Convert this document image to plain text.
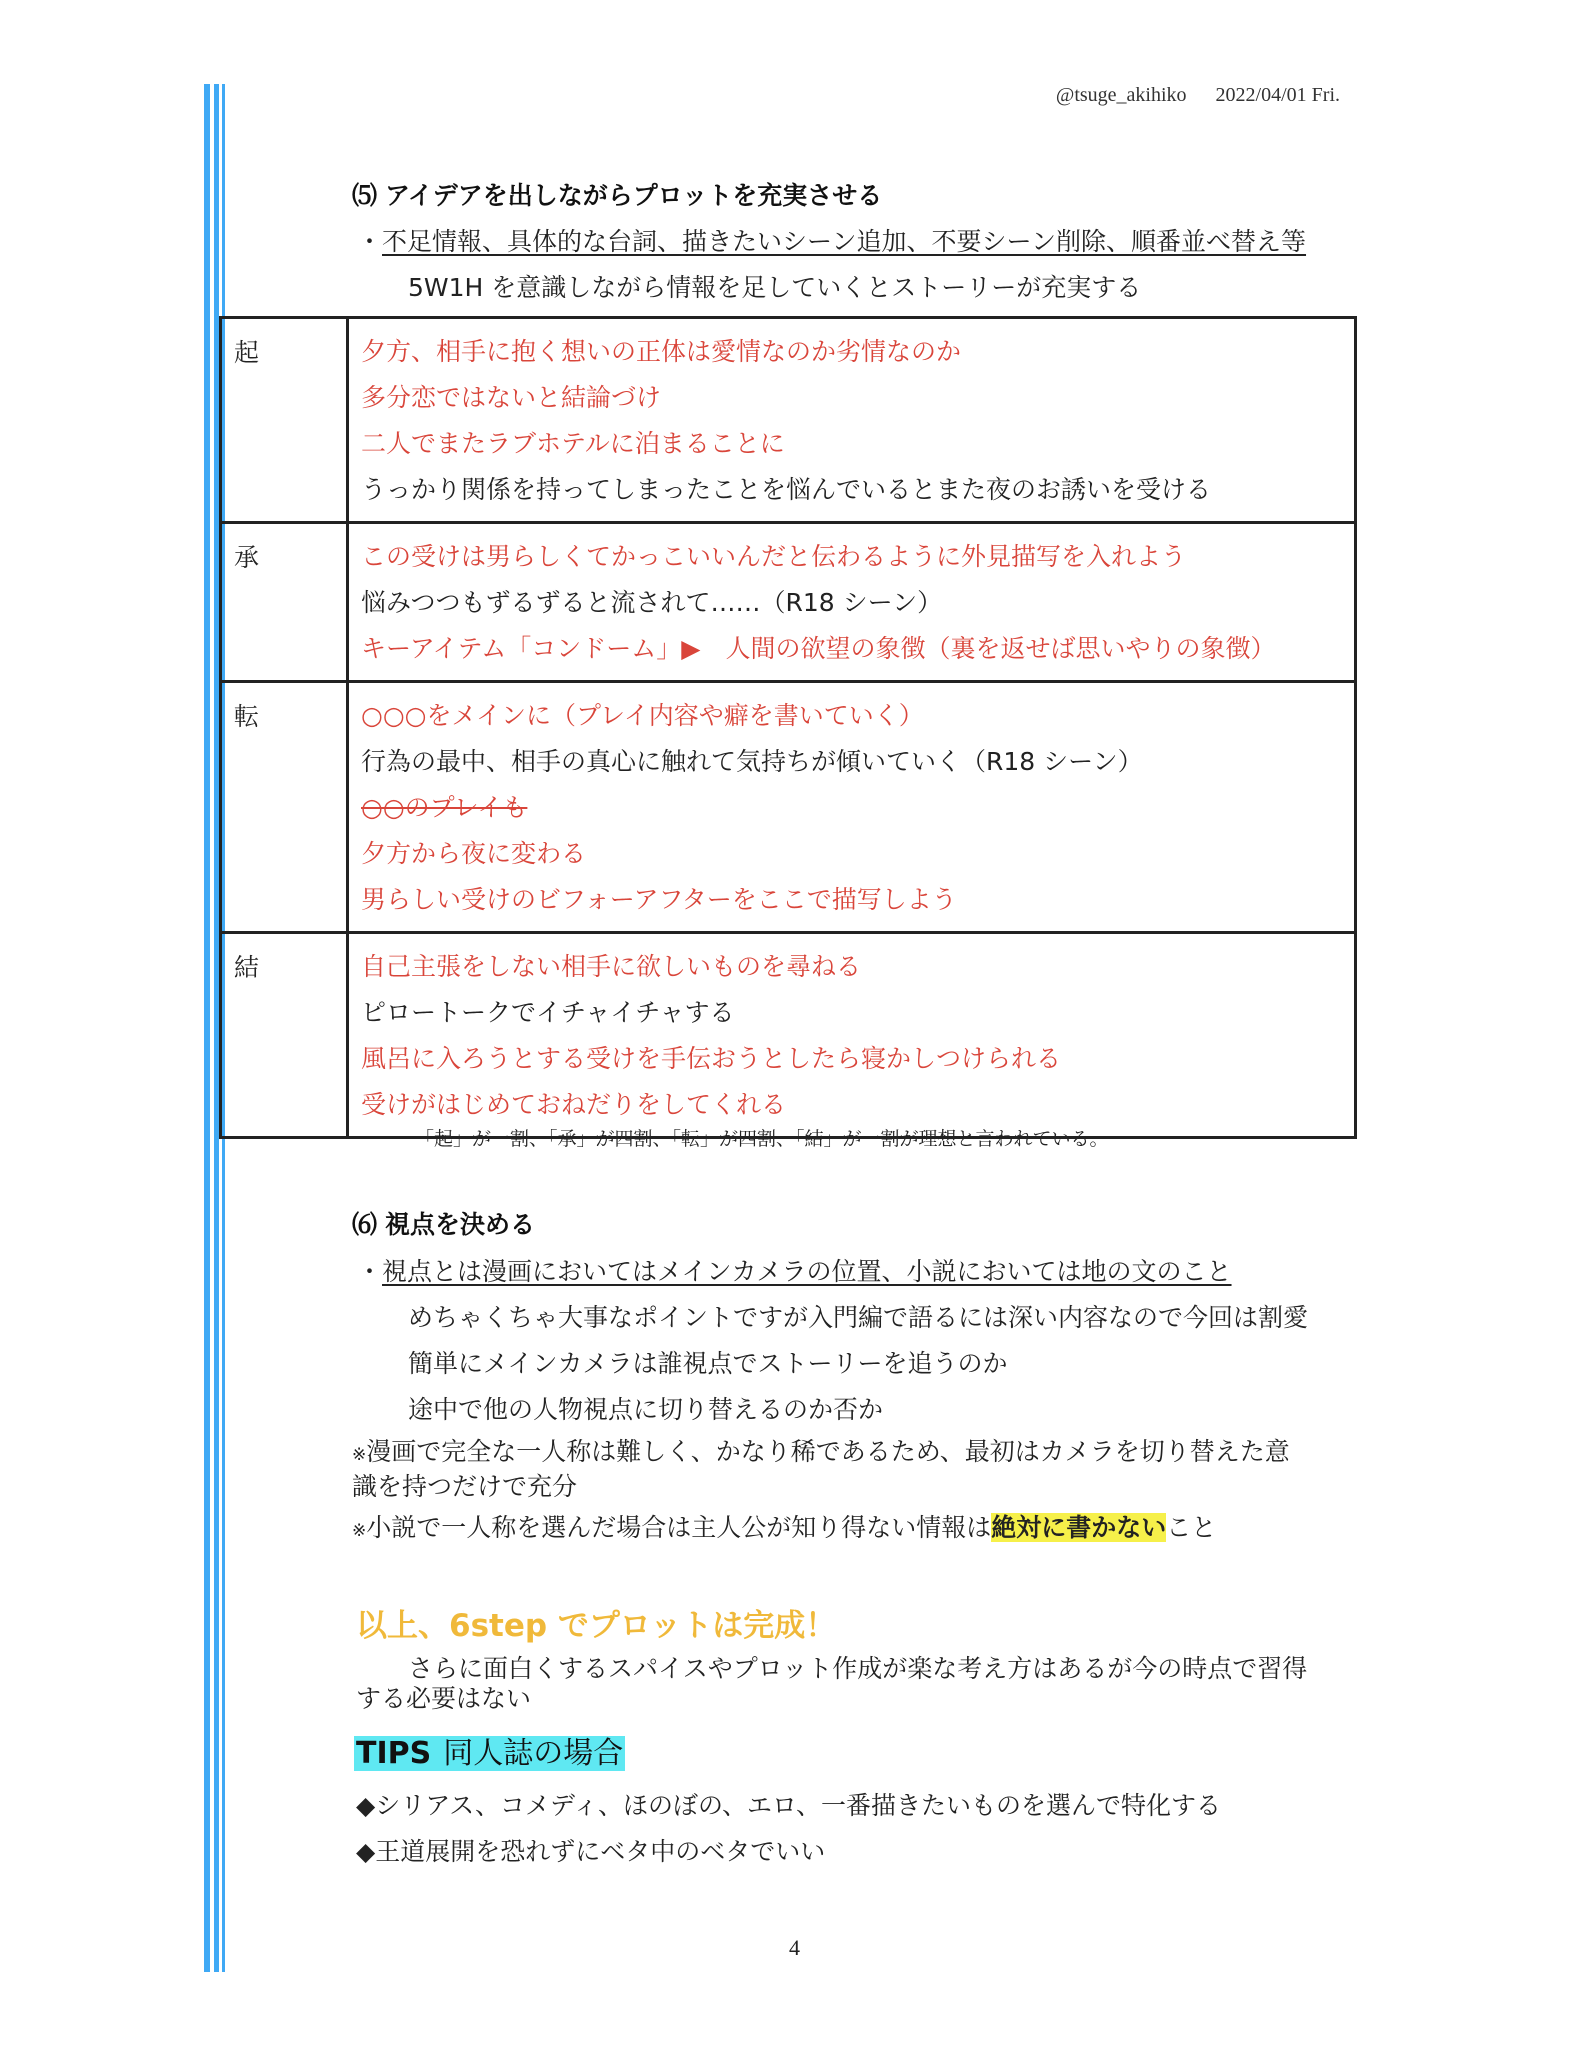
@tsuge_akihiko 2022/04/01 Fri.
⑸ アイデアを出しながらプロットを充実させる
・不足情報、具体的な台詞、描きたいシーン追加、不要シーン削除、順番並べ替え等
5W1H を意識しながら情報を足していくとストーリーが充実する
起	夕方、相手に抱く想いの正体は愛情なのか劣情なのか
多分恋ではないと結論づけ
二人でまたラブホテルに泊まることに
うっかり関係を持ってしまったことを悩んでいるとまた夜のお誘いを受ける

承	この受けは男らしくてかっこいいんだと伝わるように外見描写を入れよう
悩みつつもずるずると流されて……（R18 シーン）
キーアイテム「コンドーム」▶　人間の欲望の象徴（裏を返せば思いやりの象徴）

転	○○○をメインに（プレイ内容や癖を書いていく）
行為の最中、相手の真心に触れて気持ちが傾いていく（R18 シーン）
○○のプレイも
夕方から夜に変わる
男らしい受けのビフォーアフターをここで描写しよう

結	自己主張をしない相手に欲しいものを尋ねる
ピロートークでイチャイチャする
風呂に入ろうとする受けを手伝おうとしたら寝かしつけられる
受けがはじめておねだりをしてくれる
「起」が一割、「承」が四割、「転」が四割、「結」が一割が理想と言われている。
⑹ 視点を決める
・視点とは漫画においてはメインカメラの位置、小説においては地の文のこと
めちゃくちゃ大事なポイントですが入門編で語るには深い内容なので今回は割愛
簡単にメインカメラは誰視点でストーリーを追うのか
途中で他の人物視点に切り替えるのか否か
※漫画で完全な一人称は難しく、かなり稀であるため、最初はカメラを切り替えた意
識を持つだけで充分
※小説で一人称を選んだ場合は主人公が知り得ない情報は絶対に書かないこと
以上、6step でプロットは完成！
さらに面白くするスパイスやプロット作成が楽な考え方はあるが今の時点で習得
する必要はない
TIPS 同人誌の場合
◆シリアス、コメディ、ほのぼの、エロ、一番描きたいものを選んで特化する
◆王道展開を恐れずにベタ中のベタでいい
4
